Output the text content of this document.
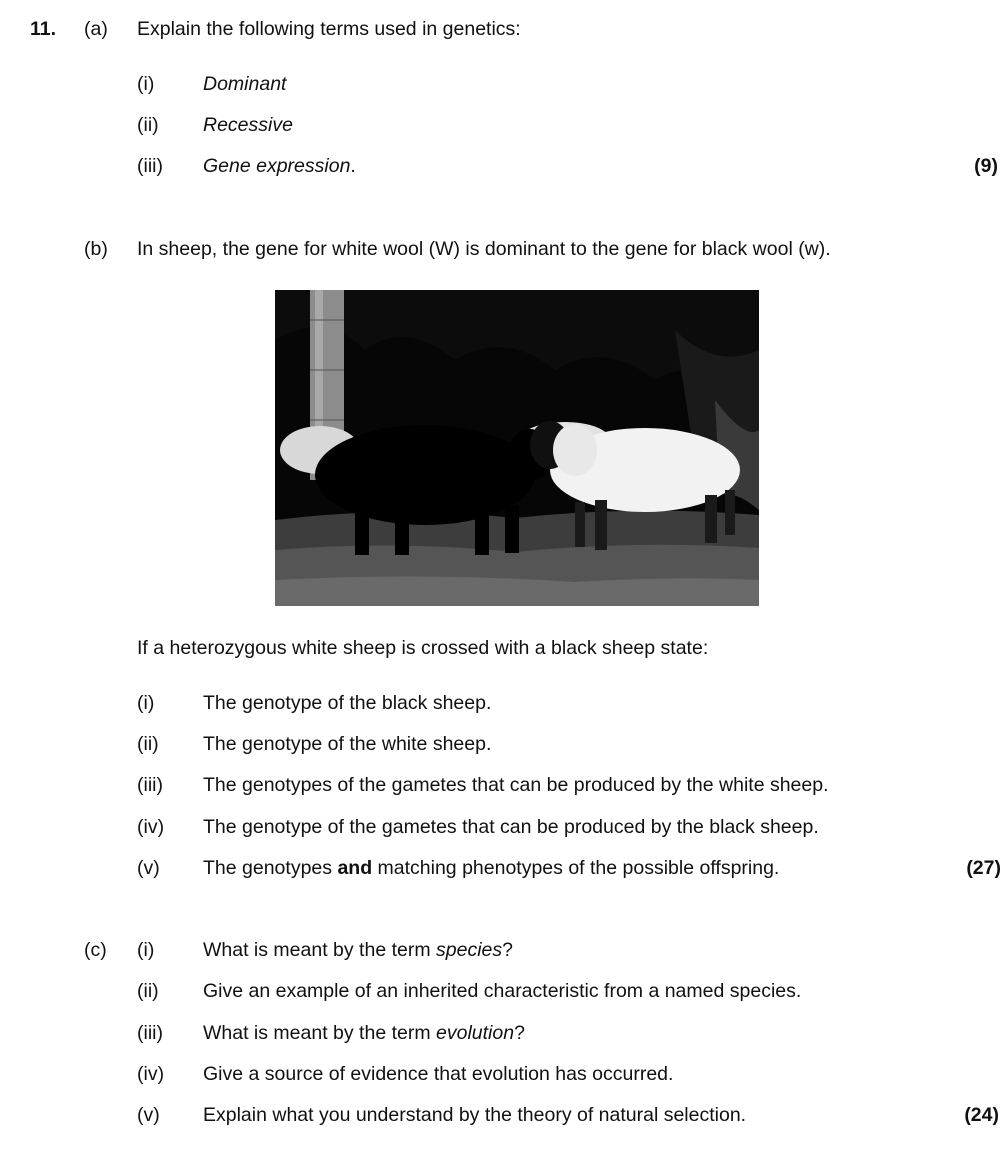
11. (a) Explain the following terms used in genetics:
(i) Dominant
(ii) Recessive
(iii) Gene expression.	(9)
(b) In sheep, the gene for white wool (W) is dominant to the gene for black wool (w).
If a heterozygous white sheep is crossed with a black sheep state:
(i) The genotype of the black sheep.
(ii) The genotype of the white sheep.
(iii) The genotypes of the gametes that can be produced by the white sheep.
(iv) The genotype of the gametes that can be produced by the black sheep.
(v) The genotypes and matching phenotypes of the possible offspring.	(27)
(c) (i) What is meant by the term species?
(ii) Give an example of an inherited characteristic from a named species.
(iii) What is meant by the term evolution?
(iv) Give a source of evidence that evolution has occurred.
(v) Explain what you understand by the theory of natural selection.	(24)
